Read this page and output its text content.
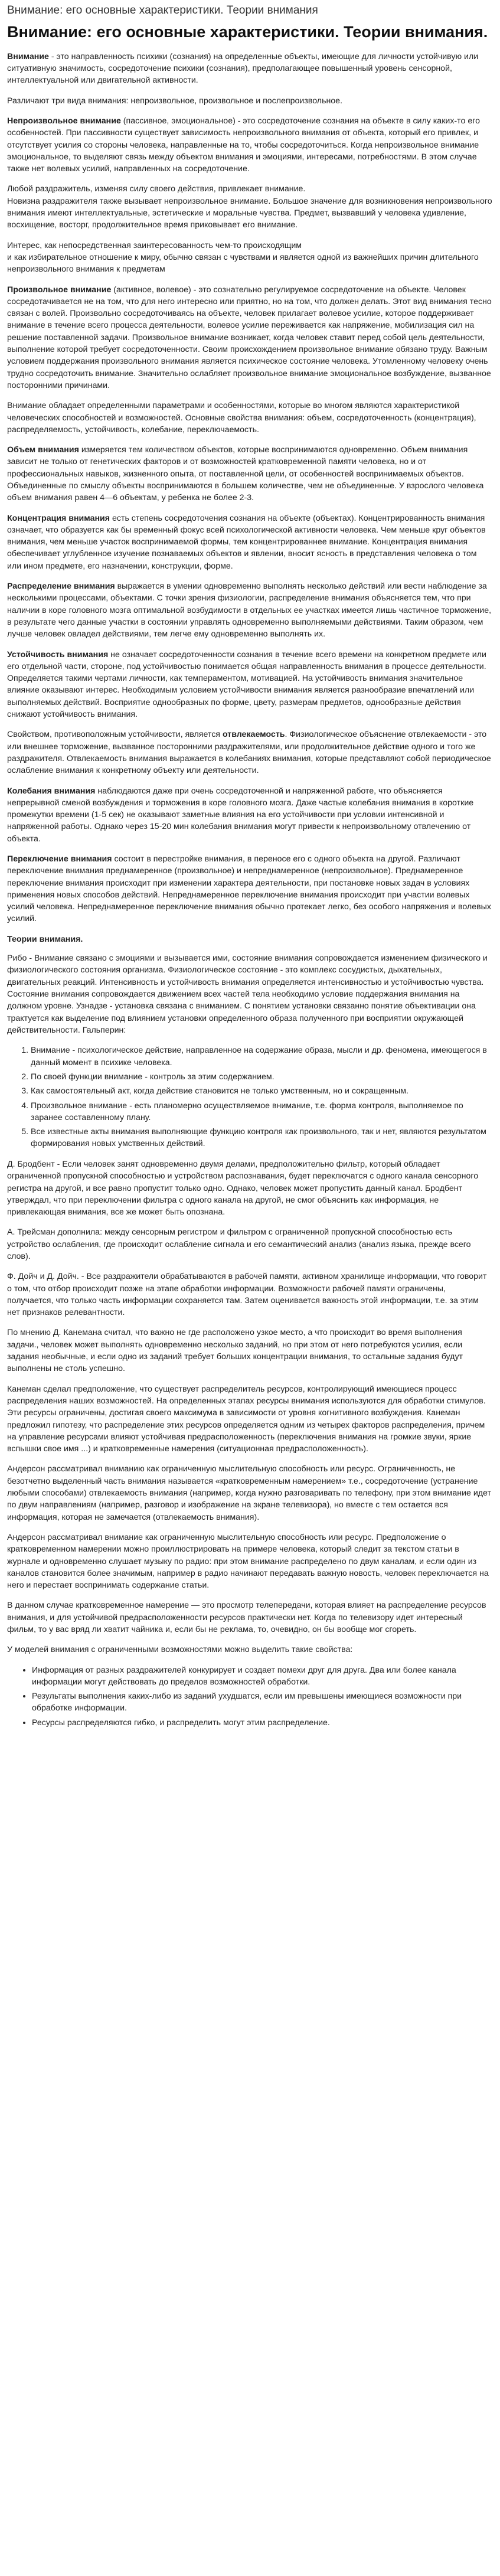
Внимание: его основные характеристики. Теории внимания
Внимание: его основные характеристики. Теории внимания.

Внимание - это направленность психики (сознания) на определенные объекты, имеющие для личности устойчивую или ситуативную значимость, сосредоточение психики (сознания), предполагающее повышенный уровень сенсорной, интеллектуальной или двигательной активности.

Различают три вида внимания: непроизвольное, произвольное и послепроизвольное.

Непроизвольное внимание (пассивное, эмоциональное) - это сосредоточение сознания на объекте в силу каких-то его особенностей. При пассивности существует зависимость непроизвольного внимания от объекта, который его привлек, и отсутствует усилия со стороны человека, направленные на то, чтобы сосредоточиться. Когда непроизвольное внимание эмоциональное, то выделяют связь между объектом внимания и эмоциями, интересами, потребностями. В этом случае также нет волевых усилий, направленных на сосредоточение.

Любой раздражитель, изменяя силу своего действия, привлекает внимание.
Новизна раздражителя также вызывает непроизвольное внимание. Большое значение для возникновения непроизвольного внимания имеют интеллектуальные, эстетические и моральные чувства. Предмет, вызвавший у человека удивление, восхищение, восторг, продолжительное время приковывает его внимание.

Интерес, как непосредственная заинтересованность чем-то происходящим
и как избирательное отношение к миру, обычно связан с чувствами и является одной из важнейших причин длительного непроизвольного внимания к предметам

Произвольное внимание (активное, волевое) - это сознательно регулируемое сосредоточение на объекте. Человек сосредотачивается не на том, что для него интересно или приятно, но на том, что должен делать. Этот вид внимания тесно связан с волей. Произвольно сосредоточиваясь на объекте, человек прилагает волевое усилие, которое поддерживает внимание в течение всего процесса деятельности, волевое усилие переживается как напряжение, мобилизация сил на решение поставленной задачи. Произвольное внимание возникает, когда человек ставит перед собой цель деятельности, выполнение которой требует сосредоточенности. Своим происхождением произвольное внимание обязано труду. Важным условием поддержания произвольного внимания является психическое состояние человека. Утомленному человеку очень трудно сосредоточить внимание. Значительно ослабляет произвольное внимание эмоциональное возбуждение, вызванное посторонними причинами.

Внимание обладает определенными параметрами и особенностями, которые во многом являются характеристикой человеческих способностей и возможностей. Основные свойства внимания: объем, сосредоточенность (концентрация), распределяемость, устойчивость, колебание, переключаемость.

Объем внимания измеряется тем количеством объектов, которые воспринимаются одновременно. Объем внимания зависит не только от генетических факторов и от возможностей кратковременной памяти человека, но и от профессиональных навыков, жизненного опыта, от поставленной цели, от особенностей воспринимаемых объектов. Объединенные по смыслу объекты воспринимаются в большем количестве, чем не объединенные. У взрослого человека объем внимания равен 4—6 объектам, у ребенка не более 2-3.

Концентрация внимания есть степень сосредоточения сознания на объекте (объектах). Концентрированность внимания означает, что образуется как бы временный фокус всей психологической активности человека. Чем меньше круг объектов внимания, чем меньше участок воспринимаемой формы, тем концентрированнее внимание. Концентрация внимания обеспечивает углубленное изучение познаваемых объектов и явлении, вносит ясность в представления человека о том или ином предмете, его назначении, конструкции, форме.

Распределение внимания выражается в умении одновременно выполнять несколько действий или вести наблюдение за несколькими процессами, объектами. С точки зрения физиологии, распределение внимания объясняется тем, что при наличии в коре головного мозга оптимальной возбудимости в отдельных ее участках имеется лишь частичное торможение, в результате чего данные участки в состоянии управлять одновременно выполняемыми действиями. Таким образом, чем лучше человек овладел действиями, тем легче ему одновременно выполнять их.

Устойчивость внимания не означает сосредоточенности сознания в течение всего времени на конкретном предмете или его отдельной части, стороне, под устойчивостью понимается общая направленность внимания в процессе деятельности. Определяется такими чертами личности, как темпераментом, мотивацией. На устойчивость внимания значительное влияние оказывают интерес. Необходимым условием устойчивости внимания является разнообразие впечатлений или выполняемых действий. Восприятие однообразных по форме, цвету, размерам предметов, однообразные действия снижают устойчивость внимания.

Свойством, противоположным устойчивости, является отвлекаемость. Физиологическое объяснение отвлекаемости - это или внешнее торможение, вызванное посторонними раздражителями, или продолжительное действие одного и того же раздражителя. Отвлекаемость внимания выражается в колебаниях внимания, которые представляют собой периодическое ослабление внимания к конкретному объекту или деятельности.

Колебания внимания наблюдаются даже при очень сосредоточенной и напряженной работе, что объясняется непрерывной сменой возбуждения и торможения в коре головного мозга. Даже частые колебания внимания в короткие промежутки времени (1-5 сек) не оказывают заметные влияния на его устойчивости при условии интенсивной и напряженной работы. Однако через 15-20 мин колебания внимания могут привести к непроизвольному отвлечению от объекта.

Переключение внимания состоит в перестройке внимания, в переносе его с одного объекта на другой. Различают переключение внимания преднамеренное (произвольное) и непреднамеренное (непроизвольное). Преднамеренное переключение внимания происходит при изменении характера деятельности, при постановке новых задач в условиях применения новых способов действий. Непреднамеренное переключение внимания происходит при участии волевых усилий человека. Непреднамеренное переключение внимания обычно протекает легко, без особого напряжения и волевых усилий.

Теории внимания.

Рибо - Внимание связано с эмоциями и вызывается ими, состояние внимания сопровождается изменением физического и физиологического состояния организма. Физиологическое состояние - это комплекс сосудистых, дыхательных, двигательных реакций. Интенсивность и устойчивость внимания определяется интенсивностью и устойчивостью чувства. Состояние внимания сопровождается движением всех частей тела необходимо условие поддержания внимания на должном уровне. Узнадзе - установка связана с вниманием. С понятием установки связанно понятие объективации она трактуется как выделение под влиянием установки определенного образа полученного при восприятии окружающей действительности. Гальперин:

1. Внимание - психологическое действие, направленное на содержание образа, мысли и др. феномена, имеющегося в данный момент в психике человека.
2. По своей функции внимание - контроль за этим содержанием.
3. Как самостоятельный акт, когда действие становится не только умственным, но и сокращенным.
4. Произвольное внимание - есть планомерно осуществляемое внимание, т.е. форма контроля, выполняемое по заранее составленному плану.
5. Все известные акты внимания выполняющие функцию контроля как произвольного, так и нет, являются результатом формирования новых умственных действий.

Д. Бродбент - Если человек занят одновременно двумя делами, предположительно фильтр, который обладает ограниченной пропускной способностью и устройством распознавания, будет переключатся с одного канала сенсорного регистра на другой, и все равно пропустит только одно. Однако, человек может пропустить данный канал. Бродбент утверждал, что при переключении фильтра с одного канала на другой, не смог объяснить как информация, не привлекающая внимания, все же может быть опознана.

А. Трейсман дополнила: между сенсорным регистром и фильтром с ограниченной пропускной способностью есть устройство ослабления, где происходит ослабление сигнала и его семантический анализ (анализ языка, прежде всего слов).

Ф. Дойч и Д. Дойч. - Все раздражители обрабатываются в рабочей памяти, активном хранилище информации, что говорит о том, что отбор происходит позже на этапе обработки информации. Возможности рабочей памяти ограничены, получается, что только часть информации сохраняется там. Затем оценивается важность этой информации, т.е. за этим нет признаков релевантности.

По мнению Д. Канемана считал, что важно не где расположено узкое место, а что происходит во время выполнения задачи., человек может выполнять одновременно несколько заданий, но при этом от него потребуются усилия, если задания необычные, и если одно из заданий требует больших концентрации внимания, то остальные задания будут выполнены не столь успешно.

Канеман сделал предположение, что существует распределитель ресурсов, контролирующий имеющиеся процесс распределения наших возможностей. На определенных этапах ресурсы внимания используются для обработки стимулов. Эти ресурсы ограничены, достигая своего максимума в зависимости от уровня когнитивного возбуждения. Канеман предложил гипотезу, что распределение этих ресурсов определяется одним из четырех факторов распределения, причем на управление ресурсами влияют устойчивая предрасположенность (переключения внимания на громкие звуки, яркие вспышки свое имя ...) и кратковременные намерения (ситуационная предрасположенность).

Андерсон рассматривал вниманию как ограниченную мыслительную способность или ресурс. Ограниченность, не безотчетно выделенный часть внимания называется «кратковременным намерением» т.е., сосредоточение (устранение любыми способами) отвлекаемость внимания (например, когда нужно разговаривать по телефону, при этом внимание идет по двум направлениям (например, разговор и изображение на экране телевизора), но вместе с тем остается вся информация, которая не замечается (отвлекаемость внимания).

Андерсон рассматривал внимание как ограниченную мыслительную способность или ресурс. Предположение о кратковременном намерении можно проиллюстрировать на примере человека, который следит за текстом статьи в журнале и одновременно слушает музыку по радио: при этом внимание распределено по двум каналам, и если один из каналов становится более значимым, например в радио начинают передавать важную новость, человек переключается на него и перестает воспринимать содержание статьи.

В данном случае кратковременное намерение — это просмотр телепередачи, которая влияет на распределение ресурсов внимания, и для устойчивой предрасположенности ресурсов практически нет. Когда по телевизору идет интересный фильм, то у вас вряд ли хватит чайника и, если бы не реклама, то, очевидно, он бы вообще мог сгореть.

У моделей внимания с ограниченными возможностями можно выделить такие свойства:

• Информация от разных раздражителей конкурирует и создает помехи друг для друга. Два или более канала информации могут действовать до пределов возможностей обработки.
• Результаты выполнения каких-либо из заданий ухудшатся, если им превышены имеющиеся возможности при обработке информации.
• Ресурсы распределяются гибко, и распределить могут этим распределение.
